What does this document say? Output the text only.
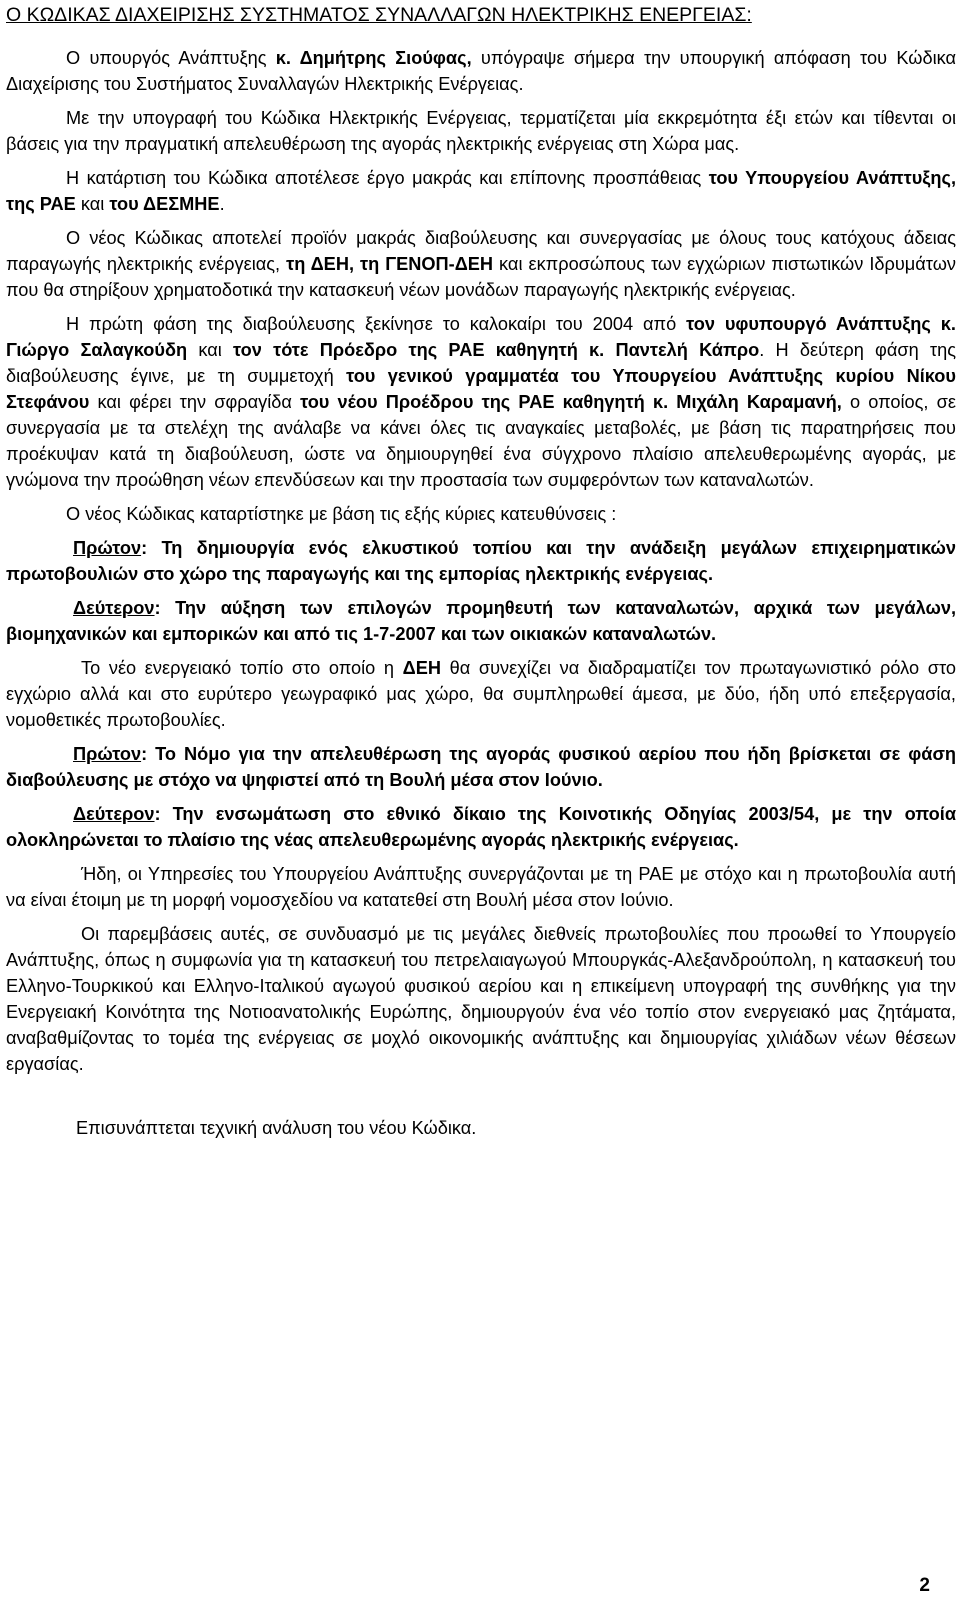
Ο ΚΩΔΙΚΑΣ ΔΙΑΧΕΙΡΙΣΗΣ ΣΥΣΤΗΜΑΤΟΣ ΣΥΝΑΛΛΑΓΩΝ ΗΛΕΚΤΡΙΚΗΣ ΕΝΕΡΓΕΙΑΣ:

Ο υπουργός Ανάπτυξης κ. Δημήτρης Σιούφας, υπόγραψε σήμερα την υπουργική απόφαση του Κώδικα Διαχείρισης του Συστήματος Συναλλαγών Ηλεκτρικής Ενέργειας.

Με την υπογραφή του Κώδικα Ηλεκτρικής Ενέργειας, τερματίζεται μία εκκρεμότητα έξι ετών και τίθενται οι βάσεις για την πραγματική απελευθέρωση της αγοράς ηλεκτρικής ενέργειας στη Χώρα μας.

Η κατάρτιση του Κώδικα αποτέλεσε έργο μακράς και επίπονης προσπάθειας του Υπουργείου Ανάπτυξης, της ΡΑΕ και του ΔΕΣΜΗΕ.

Ο νέος Κώδικας αποτελεί προϊόν μακράς διαβούλευσης και συνεργασίας με όλους τους κατόχους άδειας παραγωγής ηλεκτρικής ενέργειας, τη ΔΕΗ, τη ΓΕΝΟΠ-ΔΕΗ και εκπροσώπους των εγχώριων πιστωτικών Ιδρυμάτων που θα στηρίξουν χρηματοδοτικά την κατασκευή νέων μονάδων παραγωγής ηλεκτρικής ενέργειας.

Η πρώτη φάση της διαβούλευσης ξεκίνησε το καλοκαίρι του 2004 από τον υφυπουργό Ανάπτυξης κ. Γιώργο Σαλαγκούδη και τον τότε Πρόεδρο της ΡΑΕ καθηγητή κ. Παντελή Κάπρο. Η δεύτερη φάση της διαβούλευσης έγινε, με τη συμμετοχή του γενικού γραμματέα του Υπουργείου Ανάπτυξης κυρίου Νίκου Στεφάνου και φέρει την σφραγίδα του νέου Προέδρου της ΡΑΕ καθηγητή κ. Μιχάλη Καραμανή, ο οποίος, σε συνεργασία με τα στελέχη της ανάλαβε να κάνει όλες τις αναγκαίες μεταβολές, με βάση τις παρατηρήσεις που προέκυψαν κατά τη διαβούλευση, ώστε να δημιουργηθεί ένα σύγχρονο πλαίσιο απελευθερωμένης αγοράς, με γνώμονα την προώθηση νέων επενδύσεων και την προστασία των συμφερόντων των καταναλωτών.

Ο νέος Κώδικας καταρτίστηκε με βάση τις εξής κύριες κατευθύνσεις :

Πρώτον: Τη δημιουργία ενός ελκυστικού τοπίου και την ανάδειξη μεγάλων επιχειρηματικών πρωτοβουλιών στο χώρο της παραγωγής και της εμπορίας ηλεκτρικής ενέργειας.

Δεύτερον: Την αύξηση των επιλογών προμηθευτή των καταναλωτών, αρχικά των μεγάλων, βιομηχανικών και εμπορικών και από τις 1-7-2007 και των οικιακών καταναλωτών.

Το νέο ενεργειακό τοπίο στο οποίο η ΔΕΗ θα συνεχίζει να διαδραματίζει τον πρωταγωνιστικό ρόλο στο εγχώριο αλλά και στο ευρύτερο γεωγραφικό μας χώρο, θα συμπληρωθεί άμεσα, με δύο, ήδη υπό επεξεργασία, νομοθετικές πρωτοβουλίες.

Πρώτον: Το Νόμο για την απελευθέρωση της αγοράς φυσικού αερίου που ήδη βρίσκεται σε φάση διαβούλευσης με στόχο να ψηφιστεί από τη Βουλή μέσα στον Ιούνιο.

Δεύτερον: Την ενσωμάτωση στο εθνικό δίκαιο της Κοινοτικής Οδηγίας 2003/54, με την οποία ολοκληρώνεται το πλαίσιο της νέας απελευθερωμένης αγοράς ηλεκτρικής ενέργειας.

Ήδη, οι Υπηρεσίες του Υπουργείου Ανάπτυξης συνεργάζονται με τη ΡΑΕ με στόχο και η πρωτοβουλία αυτή να είναι έτοιμη με τη μορφή νομοσχεδίου να κατατεθεί στη Βουλή μέσα στον Ιούνιο.

Οι παρεμβάσεις αυτές, σε συνδυασμό με τις μεγάλες διεθνείς πρωτοβουλίες που προωθεί το Υπουργείο Ανάπτυξης, όπως η συμφωνία για τη κατασκευή του πετρελαιαγωγού Μπουργκάς-Αλεξανδρούπολη, η κατασκευή του Ελληνο-Τουρκικού και Ελληνο-Ιταλικού αγωγού φυσικού αερίου και η επικείμενη υπογραφή της συνθήκης για την Ενεργειακή Κοινότητα της Νοτιοανατολικής Ευρώπης, δημιουργούν ένα νέο τοπίο στον ενεργειακό μας ζητάματα, αναβαθμίζοντας το τομέα της ενέργειας σε μοχλό οικονομικής ανάπτυξης και δημιουργίας χιλιάδων νέων θέσεων εργασίας.

Επισυνάπτεται τεχνική ανάλυση του νέου Κώδικα.

2
